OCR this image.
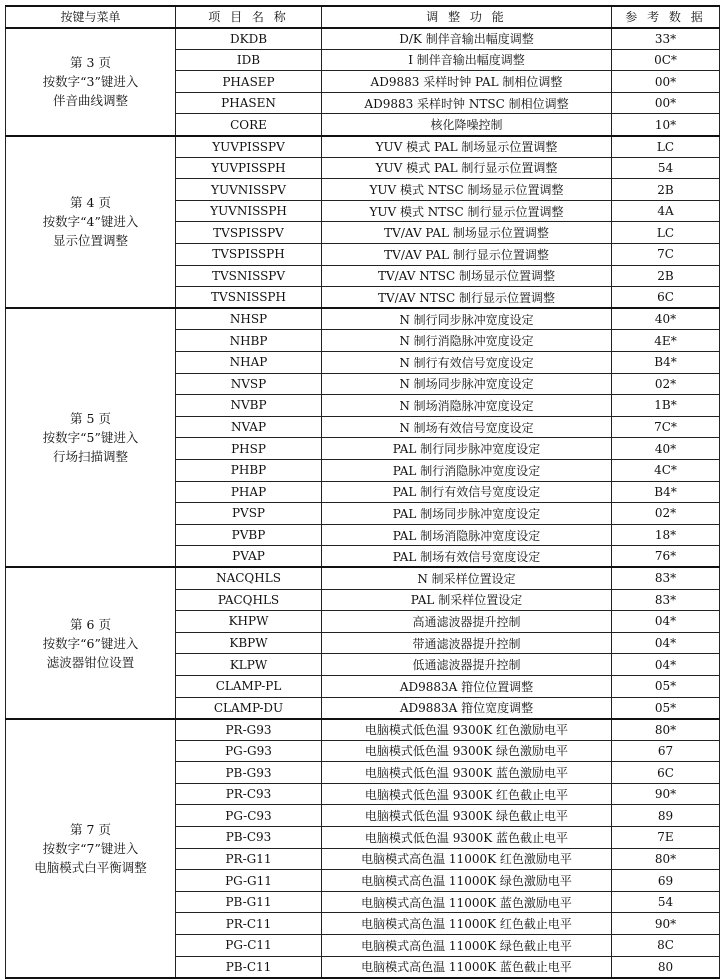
按键与菜单	项 目 名 称	调 整 功 能	参 考 数 据

第 3 页
按数字“3”键进入
伴音曲线调整	DKDB	D/K 制伴音输出幅度调整	33*
	IDB	I 制伴音输出幅度调整	0C*
	PHASEP	AD9883 采样时钟 PAL 制相位调整	00*
	PHASEN	AD9883 采样时钟 NTSC 制相位调整	00*
	CORE	核化降噪控制	10*

第 4 页
按数字“4”键进入
显示位置调整	YUVPISSPV	YUV 模式 PAL 制场显示位置调整	LC
	YUVPISSPH	YUV 模式 PAL 制行显示位置调整	54
	YUVNISSPV	YUV 模式 NTSC 制场显示位置调整	2B
	YUVNISSPH	YUV 模式 NTSC 制行显示位置调整	4A
	TVSPISSPV	TV/AV PAL 制场显示位置调整	LC
	TVSPISSPH	TV/AV PAL 制行显示位置调整	7C
	TVSNISSPV	TV/AV NTSC 制场显示位置调整	2B
	TVSNISSPH	TV/AV NTSC 制行显示位置调整	6C

第 5 页
按数字“5”键进入
行场扫描调整	NHSP	N 制行同步脉冲宽度设定	40*
	NHBP	N 制行消隐脉冲宽度设定	4E*
	NHAP	N 制行有效信号宽度设定	B4*
	NVSP	N 制场同步脉冲宽度设定	02*
	NVBP	N 制场消隐脉冲宽度设定	1B*
	NVAP	N 制场有效信号宽度设定	7C*
	PHSP	PAL 制行同步脉冲宽度设定	40*
	PHBP	PAL 制行消隐脉冲宽度设定	4C*
	PHAP	PAL 制行有效信号宽度设定	B4*
	PVSP	PAL 制场同步脉冲宽度设定	02*
	PVBP	PAL 制场消隐脉冲宽度设定	18*
	PVAP	PAL 制场有效信号宽度设定	76*

第 6 页
按数字“6”键进入
滤波器钳位设置	NACQHLS	N 制采样位置设定	83*
	PACQHLS	PAL 制采样位置设定	83*
	KHPW	高通滤波器提升控制	04*
	KBPW	带通滤波器提升控制	04*
	KLPW	低通滤波器提升控制	04*
	CLAMP-PL	AD9883A 箝位位置调整	05*
	CLAMP-DU	AD9883A 箝位宽度调整	05*

第 7 页
按数字“7”键进入
电脑模式白平衡调整	PR-G93	电脑模式低色温 9300K 红色激励电平	80*
	PG-G93	电脑模式低色温 9300K 绿色激励电平	67
	PB-G93	电脑模式低色温 9300K 蓝色激励电平	6C
	PR-C93	电脑模式低色温 9300K 红色截止电平	90*
	PG-C93	电脑模式低色温 9300K 绿色截止电平	89
	PB-C93	电脑模式低色温 9300K 蓝色截止电平	7E
	PR-G11	电脑模式高色温 11000K 红色激励电平	80*
	PG-G11	电脑模式高色温 11000K 绿色激励电平	69
	PB-G11	电脑模式高色温 11000K 蓝色激励电平	54
	PR-C11	电脑模式高色温 11000K 红色截止电平	90*
	PG-C11	电脑模式高色温 11000K 绿色截止电平	8C
	PB-C11	电脑模式高色温 11000K 蓝色截止电平	80
